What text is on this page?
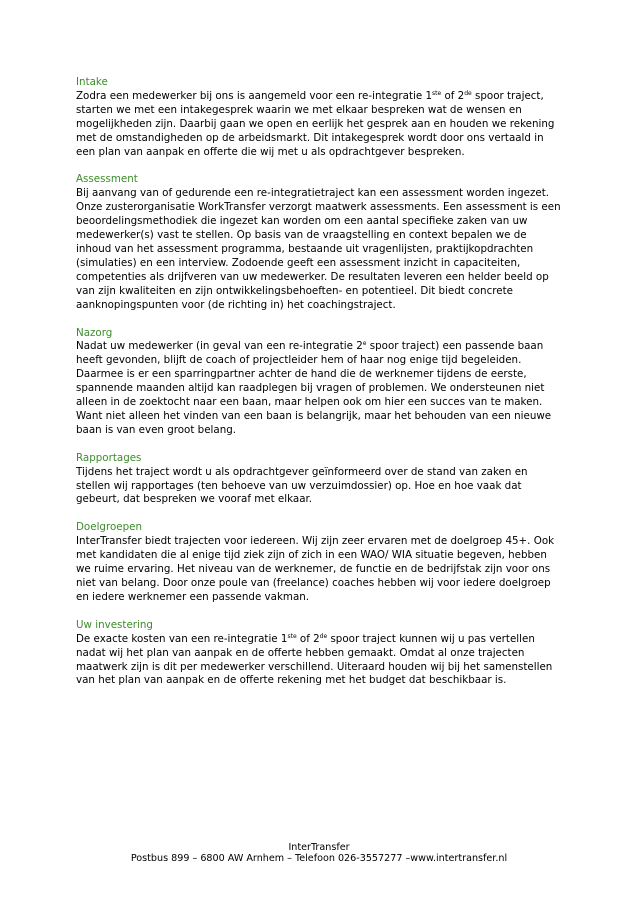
Intake

Zodra een medewerker bij ons is aangemeld voor een re-integratie 1ste of 2de spoor traject, starten we met een intakegesprek waarin we met elkaar bespreken wat de wensen en mogelijkheden zijn. Daarbij gaan we open en eerlijk het gesprek aan en houden we rekening met de omstandigheden op de arbeidsmarkt. Dit intakegesprek wordt door ons vertaald in een plan van aanpak en offerte die wij met u als opdrachtgever bespreken.

Assessment

Bij aanvang van of gedurende een re-integratietraject kan een assessment worden ingezet. Onze zusterorganisatie WorkTransfer verzorgt maatwerk assessments. Een assessment is een beoordelingsmethodiek die ingezet kan worden om een aantal specifieke zaken van uw medewerker(s) vast te stellen. Op basis van de vraagstelling en context bepalen we de inhoud van het assessment programma, bestaande uit vragenlijsten, praktijkopdrachten (simulaties) en een interview. Zodoende geeft een assessment inzicht in capaciteiten, competenties als drijfveren van uw medewerker. De resultaten leveren een helder beeld op van zijn kwaliteiten en zijn ontwikkelingsbehoeften- en potentieel. Dit biedt concrete aanknopingspunten voor (de richting in) het coachingstraject.

Nazorg

Nadat uw medewerker (in geval van een re-integratie 2e spoor traject) een passende baan heeft gevonden, blijft de coach of projectleider hem of haar nog enige tijd begeleiden. Daarmee is er een sparringpartner achter de hand die de werknemer tijdens de eerste, spannende maanden altijd kan raadplegen bij vragen of problemen. We ondersteunen niet alleen in de zoektocht naar een baan, maar helpen ook om hier een succes van te maken. Want niet alleen het vinden van een baan is belangrijk, maar het behouden van een nieuwe baan is van even groot belang.

Rapportages

Tijdens het traject wordt u als opdrachtgever geïnformeerd over de stand van zaken en stellen wij rapportages (ten behoeve van uw verzuimdossier) op. Hoe en hoe vaak dat gebeurt, dat bespreken we vooraf met elkaar.

Doelgroepen

InterTransfer biedt trajecten voor iedereen. Wij zijn zeer ervaren met de doelgroep 45+. Ook met kandidaten die al enige tijd ziek zijn of zich in een WAO/ WIA situatie begeven, hebben we ruime ervaring. Het niveau van de werknemer, de functie en de bedrijfstak zijn voor ons niet van belang. Door onze poule van (freelance) coaches hebben wij voor iedere doelgroep en iedere werknemer een passende vakman.

Uw investering

De exacte kosten van een re-integratie 1ste of 2de spoor traject kunnen wij u pas vertellen nadat wij het plan van aanpak en de offerte hebben gemaakt. Omdat al onze trajecten maatwerk zijn is dit per medewerker verschillend. Uiteraard houden wij bij het samenstellen van het plan van aanpak en de offerte rekening met het budget dat beschikbaar is.

InterTransfer
Postbus 899 – 6800 AW Arnhem – Telefoon 026-3557277 –www.intertransfer.nl
